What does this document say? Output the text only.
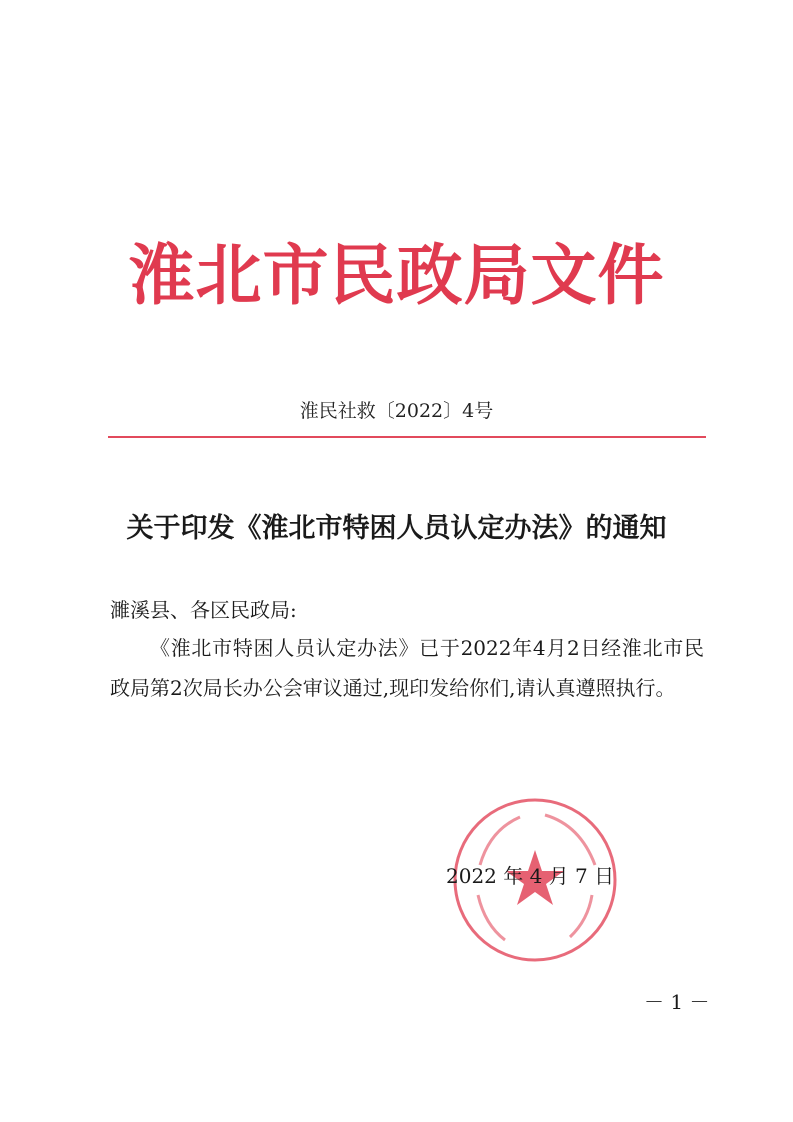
淮北市民政局文件
淮民社救〔2022〕4号
关于印发《淮北市特困人员认定办法》的通知
濉溪县、各区民政局:
《淮北市特困人员认定办法》已于2022年4月2日经淮北市民政局第2次局长办公会审议通过,现印发给你们,请认真遵照执行。
2022 年 4 月 7 日
－ 1 －
